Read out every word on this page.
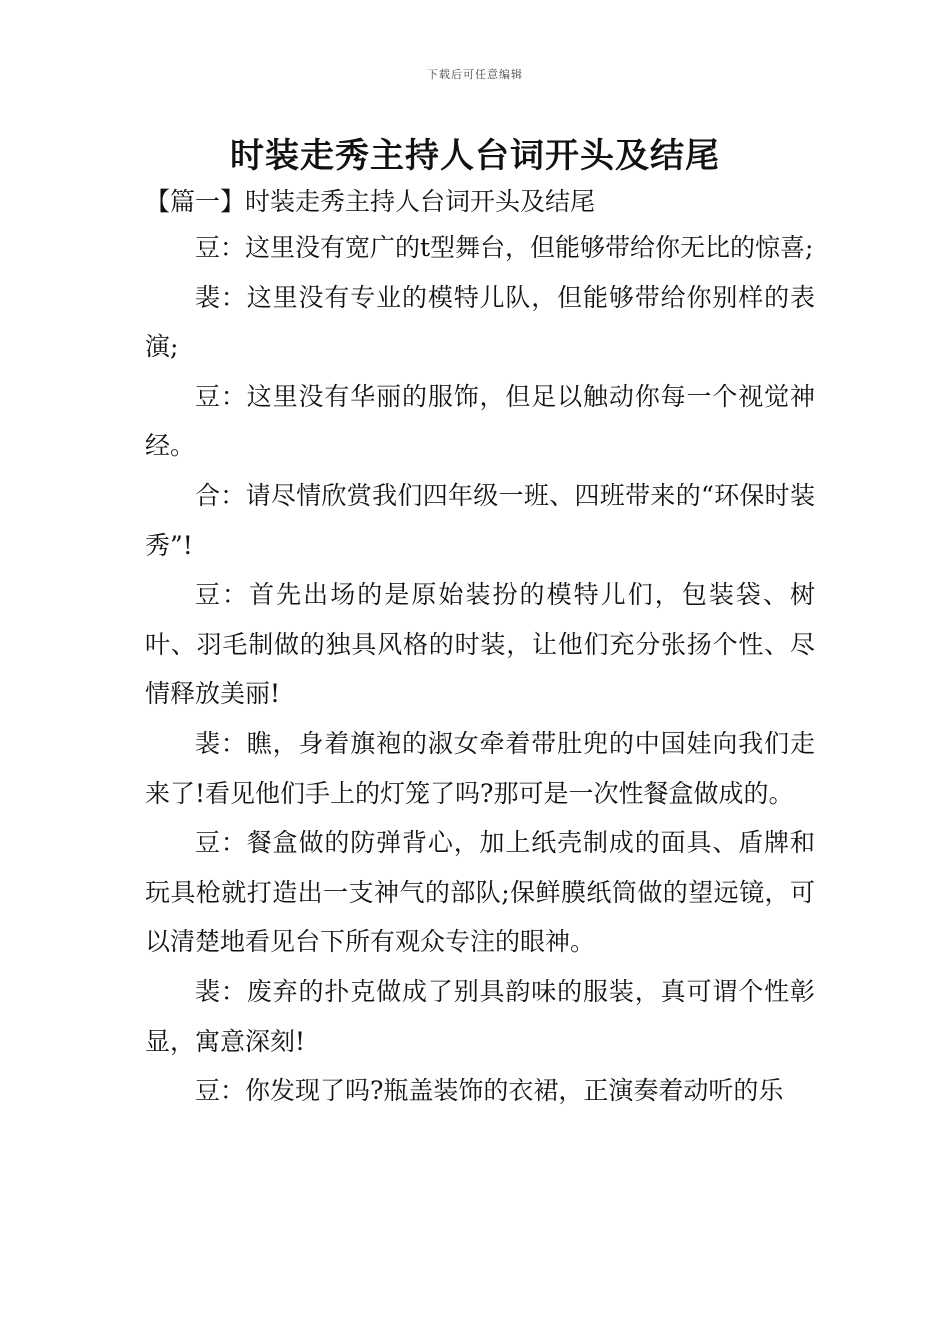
下载后可任意编辑
时装走秀主持人台词开头及结尾
【篇一】时装走秀主持人台词开头及结尾

豆：这里没有宽广的t型舞台，但能够带给你无比的惊喜;

裴：这里没有专业的模特儿队，但能够带给你别样的表演;

豆：这里没有华丽的服饰，但足以触动你每一个视觉神经。

合：请尽情欣赏我们四年级一班、四班带来的“环保时装秀”!

豆：首先出场的是原始装扮的模特儿们，包装袋、树叶、羽毛制做的独具风格的时装，让他们充分张扬个性、尽情释放美丽!

裴：瞧，身着旗袍的淑女牵着带肚兜的中国娃向我们走来了!看见他们手上的灯笼了吗?那可是一次性餐盒做成的。

豆：餐盒做的防弹背心，加上纸壳制成的面具、盾牌和玩具枪就打造出一支神气的部队;保鲜膜纸筒做的望远镜，可以清楚地看见台下所有观众专注的眼神。

裴：废弃的扑克做成了别具韵味的服装，真可谓个性彰显，寓意深刻!

豆：你发现了吗?瓶盖装饰的衣裙，正演奏着动听的乐
